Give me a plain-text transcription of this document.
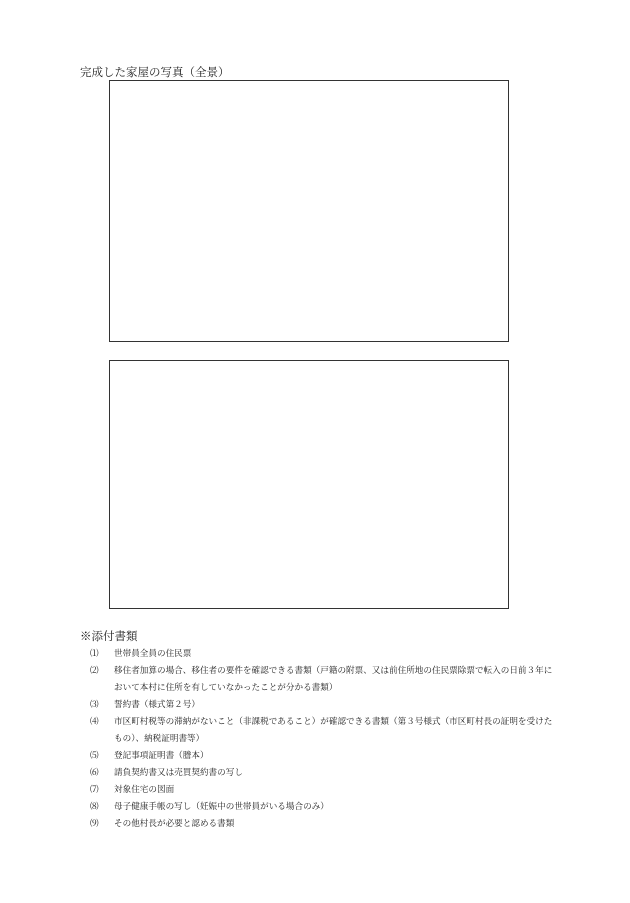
完成した家屋の写真（全景）
※添付書類
⑴	世帯員全員の住民票
⑵	移住者加算の場合、移住者の要件を確認できる書類（戸籍の附票、又は前住所地の住民票除票で転入の日前３年において本村に住所を有していなかったことが分かる書類）
⑶	誓約書（様式第２号）
⑷	市区町村税等の滞納がないこと（非課税であること）が確認できる書類（第３号様式（市区町村長の証明を受けたもの）、納税証明書等）
⑸	登記事項証明書（謄本）
⑹	請負契約書又は売買契約書の写し
⑺	対象住宅の図面
⑻	母子健康手帳の写し（妊娠中の世帯員がいる場合のみ）
⑼	その他村長が必要と認める書類
